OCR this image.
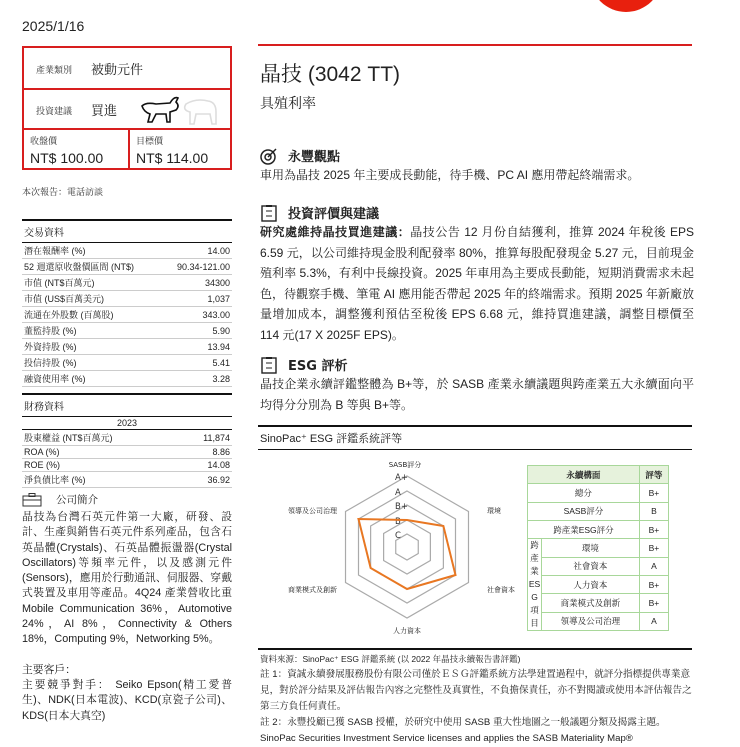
2025/1/16
產業類別 被動元件
投資建議 買進
收盤價
NT$ 100.00
目標價
NT$ 114.00
本次報告：電話訪談
交易資料
潛在報酬率 (%)	14.00
52 週還原收盤價區間 (NT$)	90.34-121.00
市值 (NT$百萬元)	34300
市值 (US$百萬美元)	1,037
流通在外股數 (百萬股)	343.00
董監持股 (%)	5.90
外資持股 (%)	13.94
投信持股 (%)	5.41
融資使用率 (%)	3.28
財務資料
2023	
股東權益 (NT$百萬元)	11,874
ROA (%)	8.86
ROE (%)	14.08
淨負債比率 (%)	36.92
公司簡介

晶技為台灣石英元件第一大廠，研發、設計、生產與銷售石英元件系列產品，包含石英晶體(Crystals)、石英晶體振盪器(Crystal Oscillators)等頻率元件，以及感測元件(Sensors)，應用於行動通訊、伺服器、穿戴式裝置及車用等產品。4Q24 產業營收比重 Mobile Communication 36%，Automotive 24%，AI 8%，Connectivity & Others 18%，Computing 9%，Networking 5%。

主要客戶：

主要競爭對手： Seiko Epson(精工愛普生)、NDK(日本電波)、KCD(京瓷子公司)、KDS(日本大真空)

晶技 (3042 TT)
具殖利率
永豐觀點
車用為晶技 2025 年主要成長動能，待手機、PC AI 應用帶起終端需求。
投資評價與建議
研究處維持晶技買進建議：晶技公告 12 月份自結獲利，推算 2024 年稅後 EPS 6.59 元，以公司維持現金股利配發率 80%，推算每股配發現金 5.27 元，目前現金殖利率 5.3%，有利中長線投資。2025 年車用為主要成長動能，短期消費需求未起色，待觀察手機、筆電 AI 應用能否帶起 2025 年的終端需求。預期 2025 年新廠放量增加成本，調整獲利預估至稅後 EPS 6.68 元，維持買進建議，調整目標價至 114 元(17 X 2025F EPS)。
ESG 評析
晶技企業永續評鑑整體為 B+等，於 SASB 產業永續議題與跨產業五大永續面向平均得分分別為 B 等與 B+等。
SinoPac⁺ ESG 評鑑系統評等
C
B
B+
A
A+
SASB評分
環境
社會資本
人力資本
商業模式及創新
領導及公司治理
永續構面		評等
總分		B+
SASB評分		B
跨產業ESG評分		B+
跨產業ESG項目	環境	B+
	社會資本	A
	人力資本	B+
	商業模式及創新	B+
	領導及公司治理	A
資料來源：SinoPac⁺ ESG 評鑑系統 (以 2022 年晶技永續報告書評鑑)
註 1：資誠永續發展服務股份有限公司僅於ＥＳＧ評鑑系統方法學建置過程中，就評分指標提供專業意見，對於評分結果及評估報告內容之完整性及真實性，不負擔保責任，亦不對閱讀或使用本評估報告之第三方負任何責任。
註 2：永豐投顧已獲 SASB 授權，於研究中使用 SASB 重大性地圖之一般議題分類及揭露主題。SinoPac Securities Investment Service licenses and applies the SASB Materiality Map®
